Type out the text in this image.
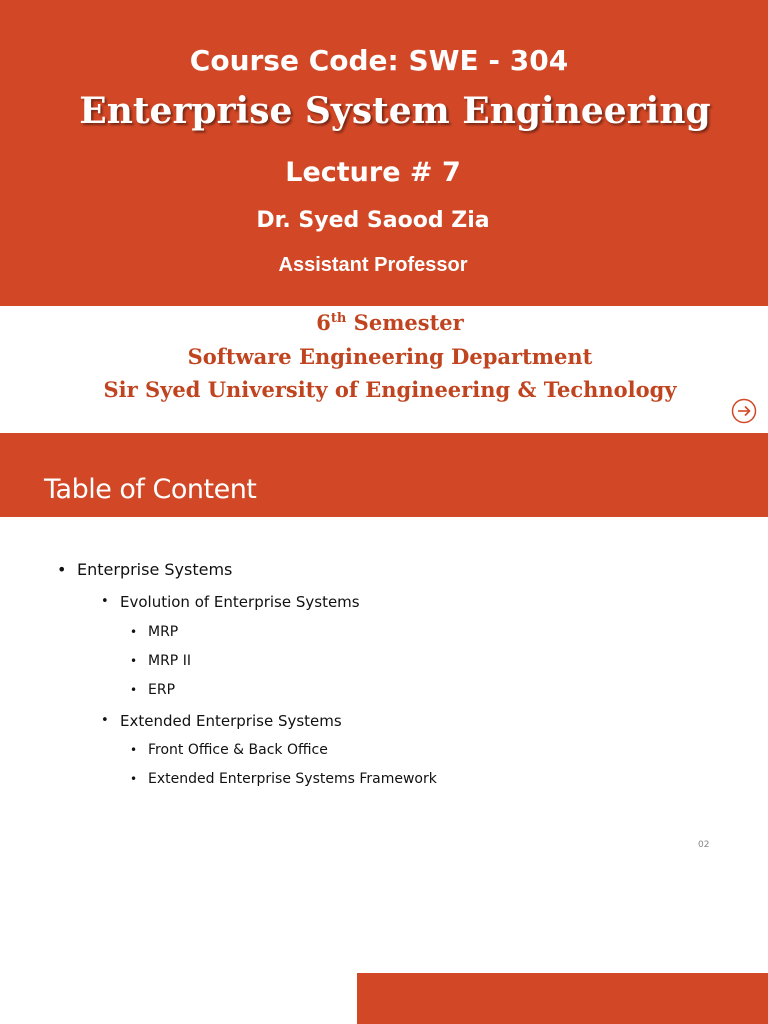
Course Code: SWE - 304
Enterprise System Engineering
Lecture # 7
Dr. Syed Saood Zia
Assistant Professor
6th Semester
Software Engineering Department
Sir Syed University of Engineering & Technology
Table of Content
• Enterprise Systems
• Evolution of Enterprise Systems
• MRP
• MRP II
• ERP
• Extended Enterprise Systems
• Front Office & Back Office
• Extended Enterprise Systems Framework
02
